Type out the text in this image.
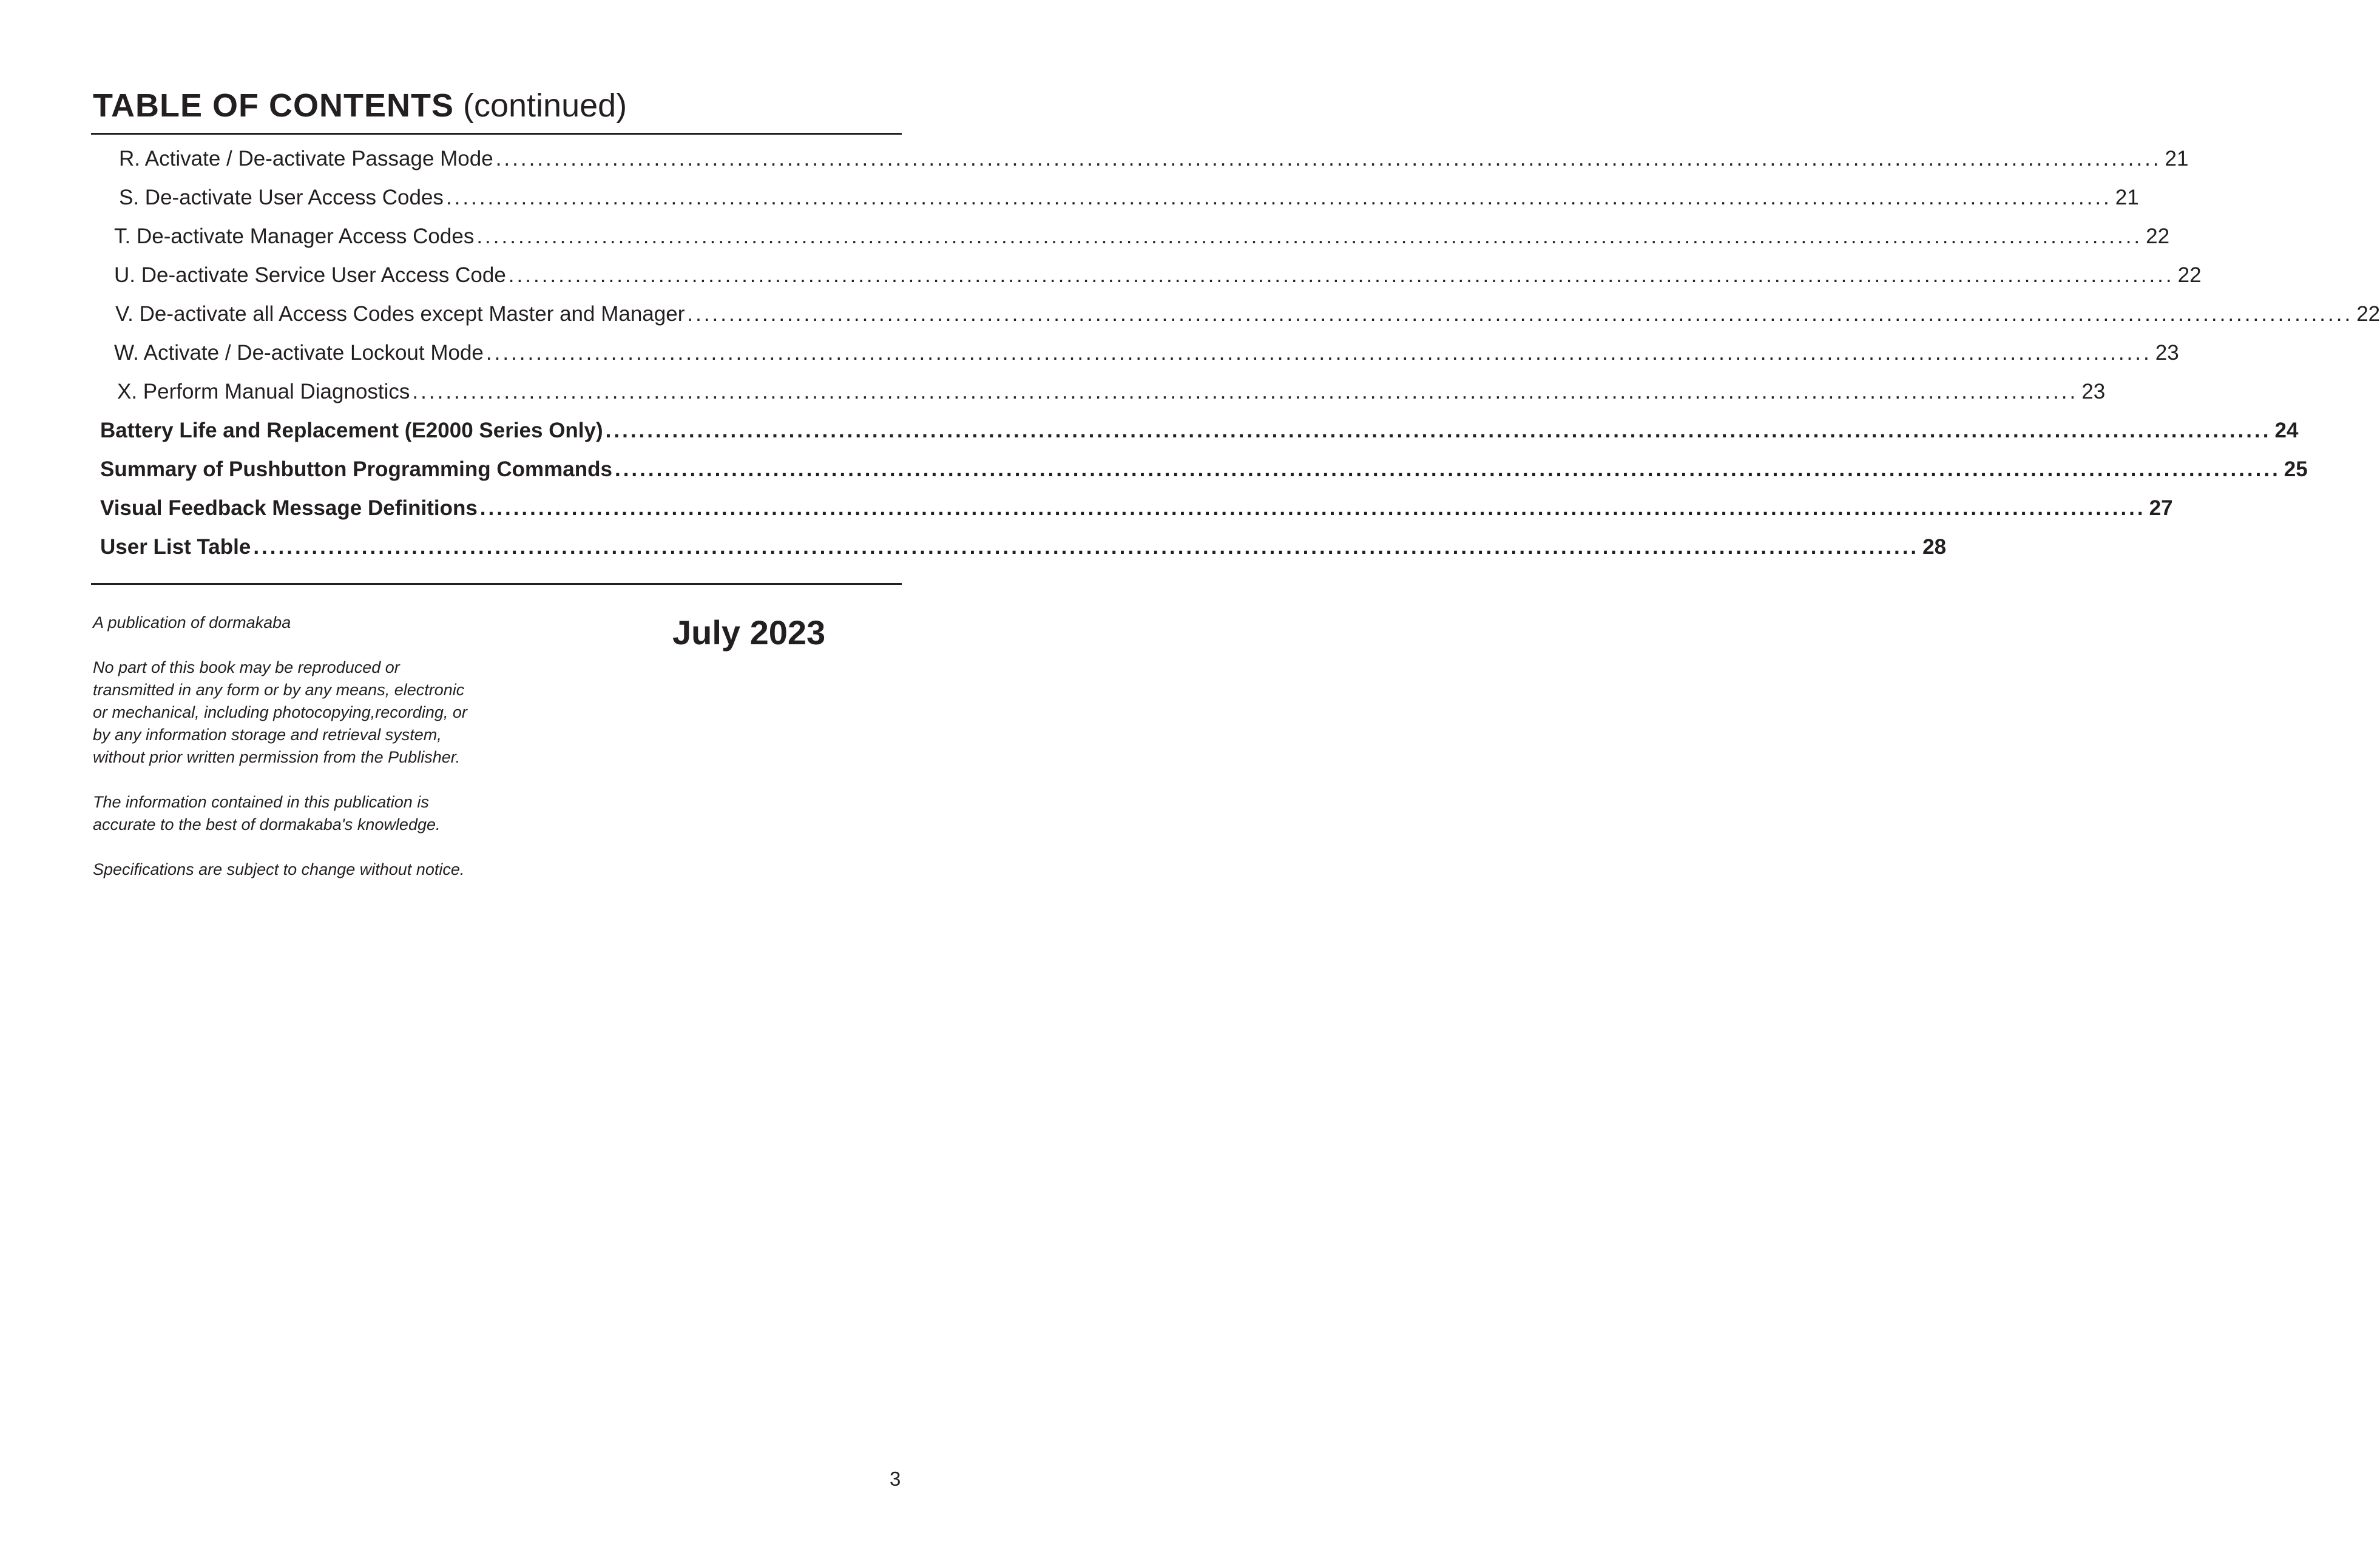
TABLE OF CONTENTS (continued)
R. Activate / De-activate Passage Mode ........................................................................................................................................................................................................ 21
S. De-activate User Access Codes ........................................................................................................................................................................................................ 21
T. De-activate Manager Access Codes ........................................................................................................................................................................................................ 22
U. De-activate Service User Access Code ........................................................................................................................................................................................................ 22
V. De-activate all Access Codes except Master and Manager ........................................................................................................................................................................................................ 22
W. Activate / De-activate Lockout Mode ........................................................................................................................................................................................................ 23
X. Perform Manual Diagnostics ........................................................................................................................................................................................................ 23
Battery Life and Replacement (E2000 Series Only) ........................................................................................................................................................................................................ 24
Summary of Pushbutton Programming Commands ........................................................................................................................................................................................................ 25
Visual Feedback Message Definitions ........................................................................................................................................................................................................ 27
User List Table ........................................................................................................................................................................................................ 28

A publication of dormakaba

No part of this book may be reproduced or transmitted in any form or by any means, electronic or mechanical, including photocopying,recording, or by any information storage and retrieval system, without prior written permission from the Publisher.

The information contained in this publication is accurate to the best of dormakaba's knowledge.

Specifications are subject to change without notice.

July 2023
3
